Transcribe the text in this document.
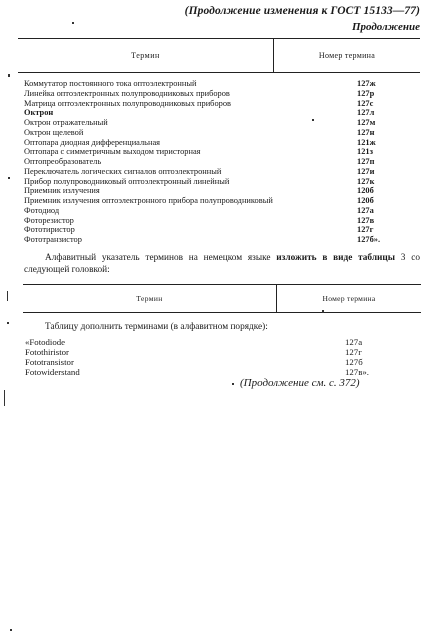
(Продолжение изменения к ГОСТ 15133—77)
Продолжение
Термин	Номер термина
Коммутатор постоянного тока оптоэлектронный	127ж
Линейка оптоэлектронных полупроводниковых приборов	127р
Матрица оптоэлектронных полупроводниковых приборов	127с
Октрон	127л
Октрон отражательный	127м
Октрон щелевой	127н
Оптопара диодная дифференциальная	121ж
Оптопара с симметричным выходом тиристорная	121з
Оптопреобразователь	127п
Переключатель логических сигналов оптоэлектронный	127и
Прибор полупроводниковый оптоэлектронный линейный	127к
Приемник излучения	120б
Приемник излучения оптоэлектронного прибора полупроводниковый	120б
Фотодиод	127а
Фоторезистор	127в
Фототиристор	127г
Фототранзистор	127б».
Алфавитный указатель терминов на немецком языке изложить в виде таблицы 3 со следующей головкой:
Термин	Номер термина
Таблицу дополнить терминами (в алфавитном порядке):
«Fotodiode	127а
Fotothiristor	127г
Fototransistor	127б
Fotowiderstand	127в».
(Продолжение см. с. 372)
